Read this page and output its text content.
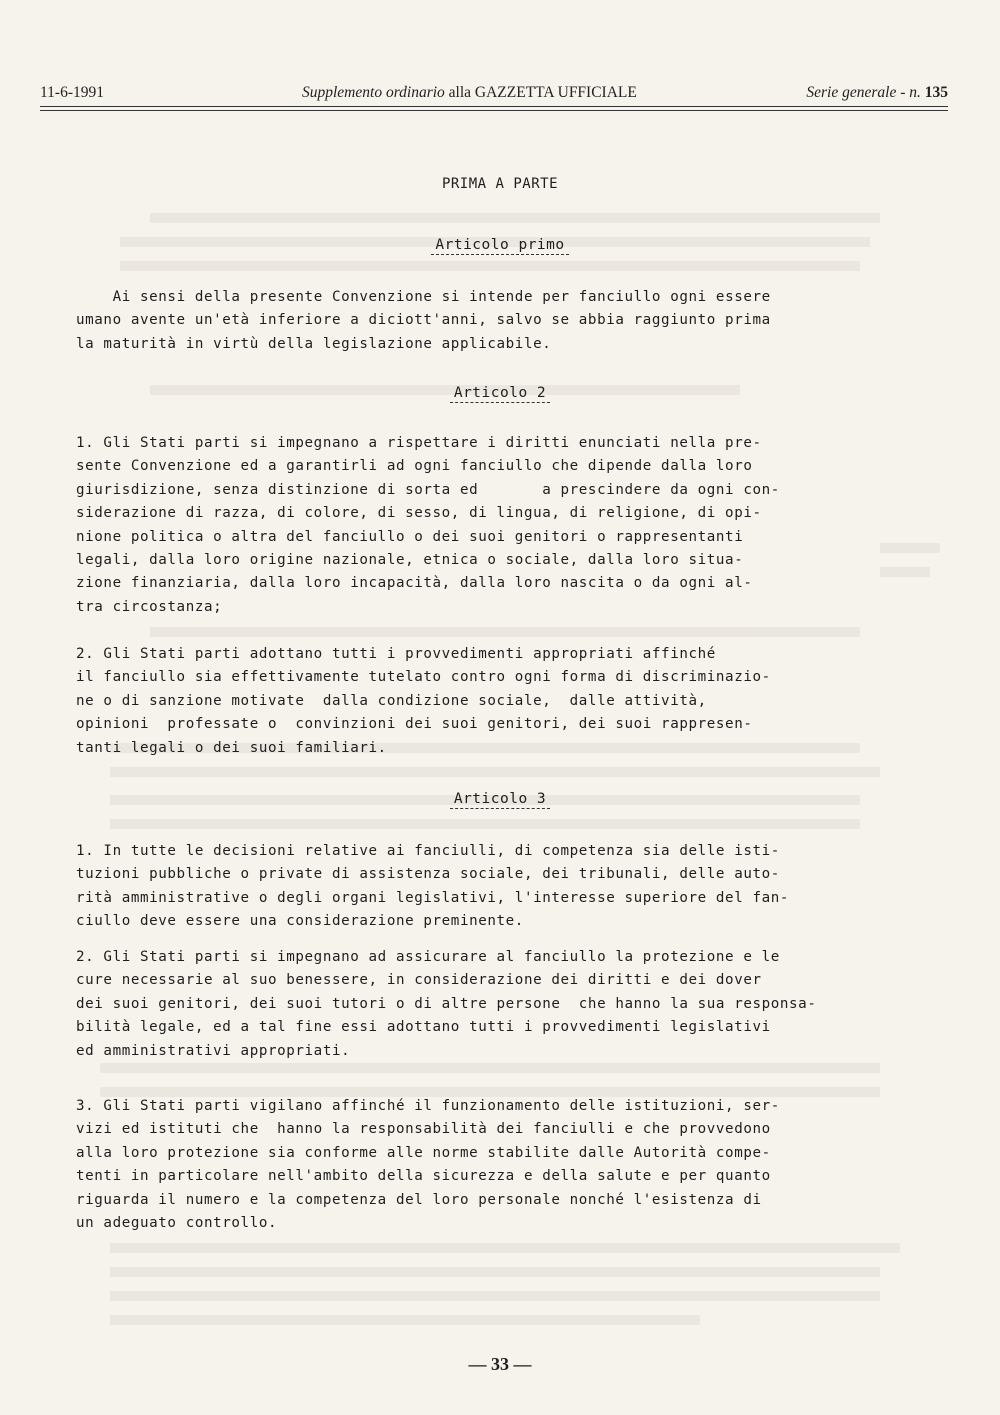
11-6-1991	Supplemento ordinario alla GAZZETTA UFFICIALE	Serie generale - n. 135
PRIMA A PARTE
Articolo primo
Ai sensi della presente Convenzione si intende per fanciullo ogni essere
umano avente un'età inferiore a diciott'anni, salvo se abbia raggiunto prima
la maturità in virtù della legislazione applicabile.
Articolo 2
1. Gli Stati parti si impegnano a rispettare i diritti enunciati nella pre-
sente Convenzione ed a garantirli ad ogni fanciullo che dipende dalla loro
giurisdizione, senza distinzione di sorta ed       a prescindere da ogni con-
siderazione di razza, di colore, di sesso, di lingua, di religione, di opi-
nione politica o altra del fanciullo o dei suoi genitori o rappresentanti
legali, dalla loro origine nazionale, etnica o sociale, dalla loro situa-
zione finanziaria, dalla loro incapacità, dalla loro nascita o da ogni al-
tra circostanza;
2. Gli Stati parti adottano tutti i provvedimenti appropriati affinché
il fanciullo sia effettivamente tutelato contro ogni forma di discriminazio-
ne o di sanzione motivate  dalla condizione sociale,  dalle attività,
opinioni  professate o  convinzioni dei suoi genitori, dei suoi rappresen-
tanti legali o dei suoi familiari.
Articolo 3
1. In tutte le decisioni relative ai fanciulli, di competenza sia delle isti-
tuzioni pubbliche o private di assistenza sociale, dei tribunali, delle auto-
rità amministrative o degli organi legislativi, l'interesse superiore del fan-
ciullo deve essere una considerazione preminente.
2. Gli Stati parti si impegnano ad assicurare al fanciullo la protezione e le
cure necessarie al suo benessere, in considerazione dei diritti e dei dover
dei suoi genitori, dei suoi tutori o di altre persone  che hanno la sua responsa-
bilità legale, ed a tal fine essi adottano tutti i provvedimenti legislativi
ed amministrativi appropriati.
3. Gli Stati parti vigilano affinché il funzionamento delle istituzioni, ser-
vizi ed istituti che  hanno la responsabilità dei fanciulli e che provvedono
alla loro protezione sia conforme alle norme stabilite dalle Autorità compe-
tenti in particolare nell'ambito della sicurezza e della salute e per quanto
riguarda il numero e la competenza del loro personale nonché l'esistenza di
un adeguato controllo.
— 33 —
